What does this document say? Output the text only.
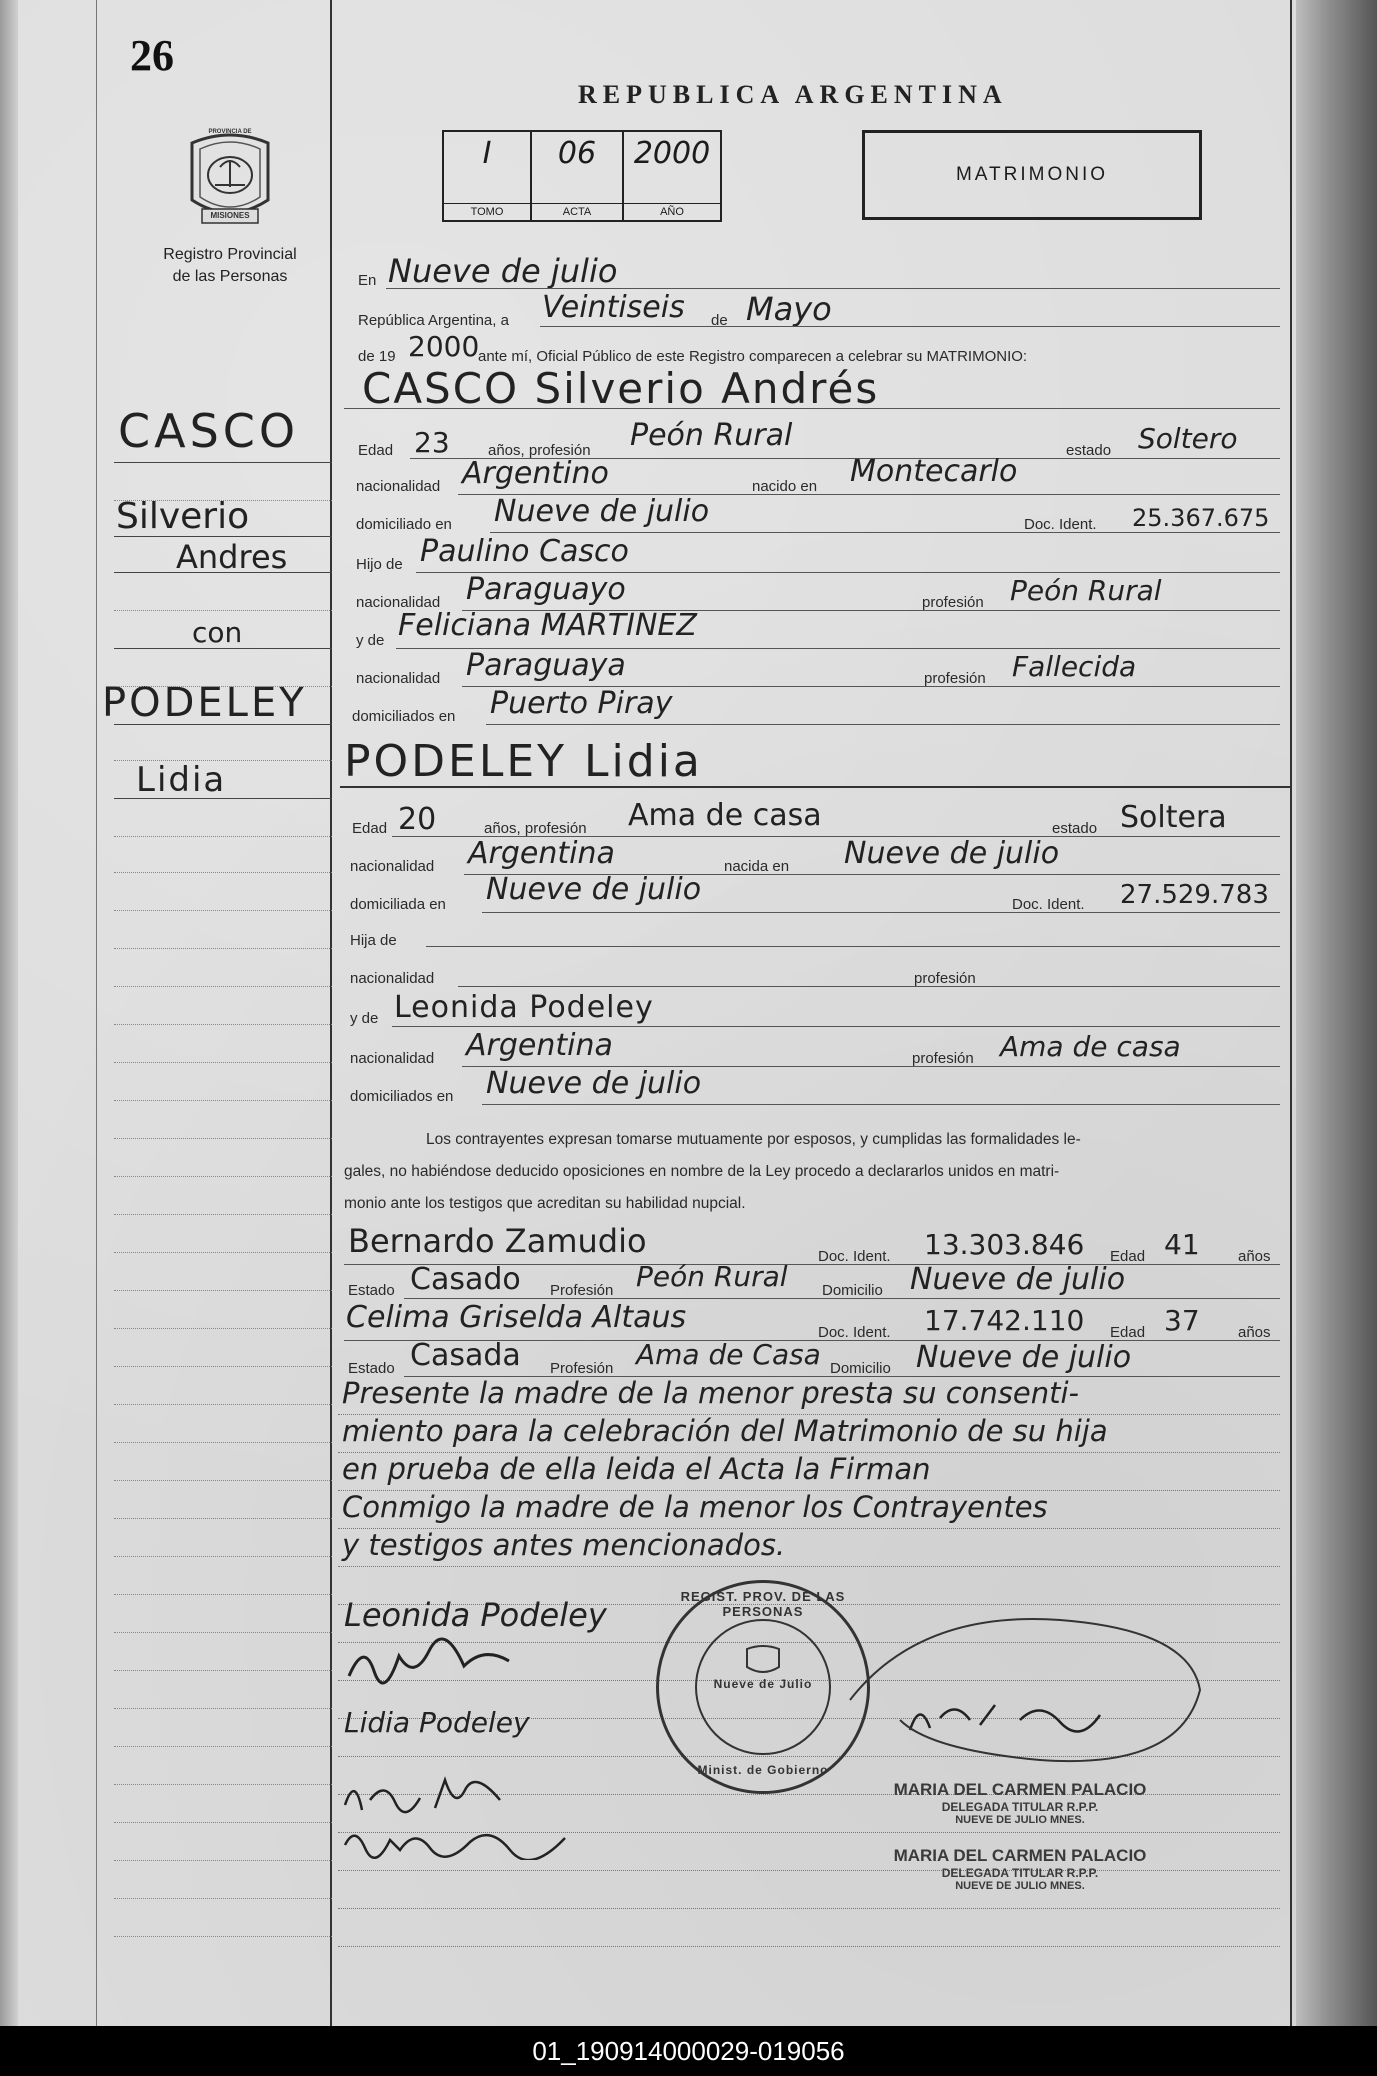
26
PROVINCIA DE
MISIONES
Registro Provincial
de las Personas
REPUBLICA ARGENTINA
I
TOMO
06
ACTA
2000
AÑO
MATRIMONIO
En Nueve de julio
República Argentina, a Veintiseis de Mayo
de 19 2000
ante mí, Oficial Público de este Registro comparecen a celebrar su MATRIMONIO:
CASCO Silverio Andrés
Edad 23	años, profesión Peón Rural	estado Soltero
nacionalidad Argentino	nacido en Montecarlo
domiciliado en Nueve de julio	Doc. Ident. 25.367.675
Hijo de Paulino Casco
nacionalidad Paraguayo	profesión Peón Rural
y de Feliciana MARTINEZ
nacionalidad Paraguaya	profesión Fallecida
domiciliados en Puerto Piray
PODELEY Lidia
Edad 20	años, profesión Ama de casa	estado Soltera
nacionalidad Argentina	nacida en Nueve de julio
domiciliada en Nueve de julio	Doc. Ident. 27.529.783
Hija de
nacionalidad	profesión
y de Leonida Podeley
nacionalidad Argentina	profesión Ama de casa
domiciliados en Nueve de julio
Los contrayentes expresan tomarse mutuamente por esposos, y cumplidas las formalidades le-
gales, no habiéndose deducido oposiciones en nombre de la Ley procedo a declararlos unidos en matri-
monio ante los testigos que acreditan su habilidad nupcial.
Bernardo Zamudio	Doc. Ident. 13.303.846 Edad 41	años
Estado Casado Profesión Peón Rural Domicilio Nueve de julio
Celima Griselda Altaus	Doc. Ident. 17.742.110 Edad 37	años
Estado Casada Profesión Ama de Casa Domicilio Nueve de julio
Presente la madre de la menor presta su consenti-
miento para la celebración del Matrimonio de su hija
en prueba de ella leida el Acta la Firman
Conmigo la madre de la menor los Contrayentes
y testigos antes mencionados.
Leonida Podeley
Lidia Podeley
REGIST. PROV. DE LAS PERSONAS
Nueve de Julio
Minist. de Gobierno
MARIA DEL CARMEN PALACIO
DELEGADA TITULAR R.P.P.
NUEVE DE JULIO MNES.
MARIA DEL CARMEN PALACIO
DELEGADA TITULAR R.P.P.
NUEVE DE JULIO MNES.
CASCO
Silverio
Andres
con
PODELEY
Lidia
01_190914000029-019056
